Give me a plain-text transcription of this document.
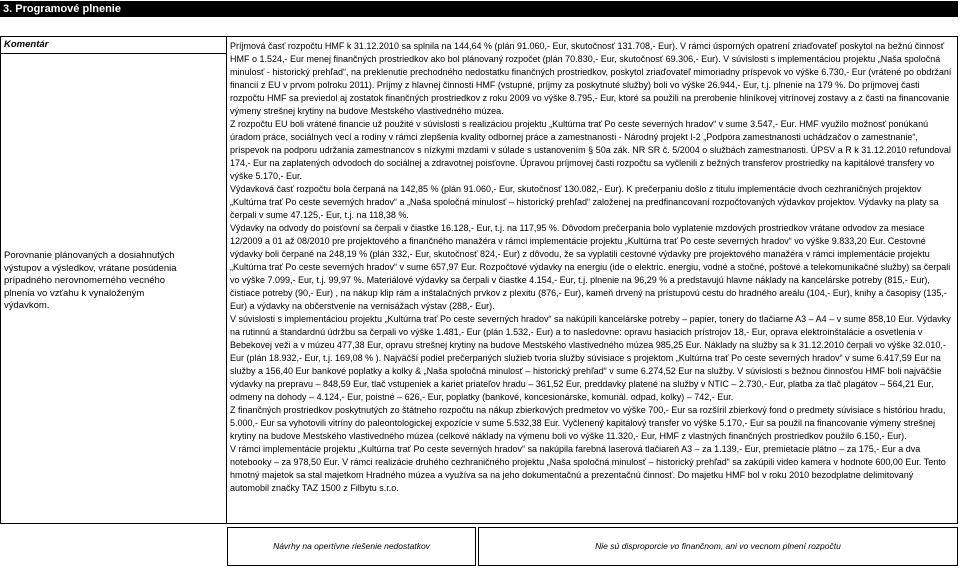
3. Programové plnenie
Komentár
Porovnanie plánovaných a dosiahnutých
výstupov a výsledkov, vrátane posúdenia
prípadného nerovnomerného vecného
plnenia vo vzťahu k vynaloženým
výdavkom.

Príjmová časť rozpočtu HMF k 31.12.2010 sa splnila na 144,64 % (plán 91.060,- Eur, skutočnosť 131.708,- Eur). V rámci úsporných opatrení zriaďovateľ poskytol na bežnú činnosť HMF o 1.524,- Eur menej finančných prostriedkov ako bol plánovaný rozpočet (plán 70.830,- Eur, skutočnosť 69.306,- Eur). V súvislosti s implementáciou projektu „Naša spoločná minulosť - historický prehľad“, na preklenutie prechodného nedostatku finančných prostriedkov, poskytol zriaďovateľ mimoriadny príspevok vo výške 6.730,- Eur (vrátené po obdržaní financií z EU v prvom polroku 2011). Príjmy z hlavnej činnosti HMF (vstupné, príjmy za poskytnuté služby) boli vo výške 26.944,- Eur, t.j. plnenie na 179 %. Do príjmovej časti rozpočtu HMF sa previedol aj zostatok finančných prostriedkov z roku 2009 vo výške 8.795,- Eur, ktoré sa použili na prerobenie hliníkovej vitrínovej zostavy a z časti na financovanie výmeny strešnej krytiny na budove Mestského vlastivedného múzea.

Z rozpočtu EU boli vrátené financie už použité v súvislosti s realizáciou projektu „Kultúrna trať Po ceste severných hradov“ v sume 3.547,- Eur. HMF využilo možnosť ponúkanú úradom práce, sociálnych vecí a rodiny v rámci zlepšenia kvality odbornej práce a zamestnanosti - Národný projekt I-2 „Podpora zamestnanosti uchádzačov o zamestnanie“, príspevok na podporu udržania zamestnancov s nízkymi mzdami v súlade s ustanovením § 50a zák. NR SR č. 5/2004 o službách zamestnanosti. ÚPSV a R k 31.12.2010 refundoval 174,- Eur na zaplatených odvodoch do sociálnej a zdravotnej poisťovne. Úpravou príjmovej časti rozpočtu sa vyčlenili z bežných transferov prostriedky na kapitálové transfery vo výške 5.170,- Eur.

Výdavková časť rozpočtu bola čerpaná na 142,85 % (plán 91.060,- Eur, skutočnosť 130.082,- Eur). K prečerpaniu došlo z titulu implementácie dvoch cezhraničných projektov „Kultúrna trať Po ceste severných hradov“ a „Naša spoločná minulosť – historický prehľad“ založenej na predfinancovaní rozpočtovaných výdavkov projektov. Výdavky na platy sa čerpali v sume 47.125,- Eur, t.j. na 118,38 %.

Výdavky na odvody do poisťovní sa čerpali v čiastke 16.128,- Eur, t.j. na 117,95 %. Dôvodom prečerpania bolo vyplatenie mzdových prostriedkov vrátane odvodov za mesiace 12/2009 a 01 až 08/2010 pre projektového a finančného manažéra v rámci implementácie projektu „Kultúrna trať Po ceste severných hradov“ vo výške 9.833,20 Eur. Cestovné výdavky boli čerpané na 248,19 % (plán 332,- Eur, skutočnosť 824,- Eur) z dôvodu, že sa vyplatili cestovné výdavky pre projektového manažéra v rámci implementácie projektu „Kultúrna trať Po ceste severných hradov“ v sume 657,97 Eur. Rozpočtové výdavky na energiu (ide o elektric. energiu, vodné a stočné, poštové a telekomunikačné služby) sa čerpali vo výške 7.099,- Eur, t.j. 99,97 %. Materiálové výdavky sa čerpali v čiastke 4.154,- Eur, t.j. plnenie na 96,29 % a predstavujú hlavne náklady na kancelárske potreby (815,- Eur), čistiace potreby (90,- Eur) , na nákup klip rám a inštalačných prvkov z plexitu (876,- Eur), kameň drvený na prístupovú cestu do hradného areálu (104,- Eur), knihy a časopisy (135,- Eur) a výdavky na občerstvenie na vernisážach výstav (288,- Eur).

V súvislosti s implementáciou projektu „Kultúrna trať Po ceste severných hradov“ sa nakúpili kancelárske potreby – papier, tonery do tlačiarne A3 – A4 – v sume 858,10 Eur. Výdavky na rutinnú a štandardnú údržbu sa čerpali vo výške 1.481,- Eur (plán 1.532,- Eur) a to nasledovne: opravu hasiacich prístrojov 18,- Eur, oprava elektroinštalácie a osvetlenia v Bebekovej veži a v múzeu 477,38 Eur, opravu strešnej krytiny na budove Mestského vlastivedného múzea 985,25 Eur. Náklady na služby sa k 31.12.2010 čerpali vo výške 32.010,- Eur (plán 18.932,- Eur, t.j. 169,08 % ). Najväčší podiel prečerpaných služieb tvoria služby súvisiace s projektom „Kultúrna trať Po ceste severných hradov“ v sume 6.417,59 Eur na služby a 156,40 Eur bankové poplatky a kolky & „Naša spoločná minulosť – historický prehľad“ v sume 6.274,52 Eur na služby. V súvislosti s bežnou činnosťou HMF boli najväčšie výdavky na prepravu – 848,59 Eur, tlač vstupeniek a kariet priateľov hradu – 361,52 Eur, preddavky platené na služby v NTIC – 2.730,- Eur, platba za tlač plagátov – 564,21 Eur, odmeny na dohody – 4.124,- Eur, poistné – 626,- Eur, poplatky (bankové, koncesionárske, komunál. odpad, kolky) – 742,- Eur.

Z finančných prostriedkov poskytnutých zo štátneho rozpočtu na nákup zbierkových predmetov vo výške 700,- Eur sa rozšíril zbierkový fond o predmety súvisiace s históriou hradu, 5.000,- Eur sa vyhotovili vitríny do paleontologickej expozície v sume 5.532,38 Eur. Vyčlenený kapitálový transfer vo výške 5.170,- Eur sa použil na financovanie výmeny strešnej krytiny na budove Mestského vlastivedného múzea (celkové náklady na výmenu boli vo výške 11.320,- Eur, HMF z vlastných finančných prostriedkov použilo 6.150,- Eur).

V rámci implementácie projektu „Kultúrna trať Po ceste severných hradov“ sa nakúpila farebná laserová tlačiareň A3 – za 1.139,- Eur, premietacie plátno – za 175,- Eur a dva notebooky – za 978,50 Eur. V rámci realizácie druhého cezhraničného projektu „Naša spoločná minulosť – historický prehľad“ sa zakúpili video kamera v hodnote 600,00 Eur. Tento hmotný majetok sa stal majetkom Hradného múzea a využíva sa na jeho dokumentačnú a prezentačnú činnosť. Do majetku HMF bol v roku 2010 bezodplatne delimitovaný automobil značky TAZ 1500 z Filbytu s.r.o.

Návrhy na opertívne riešenie nedostatkov	Nie sú disproporcie vo finančnom, ani vo vecnom plnení rozpočtu
